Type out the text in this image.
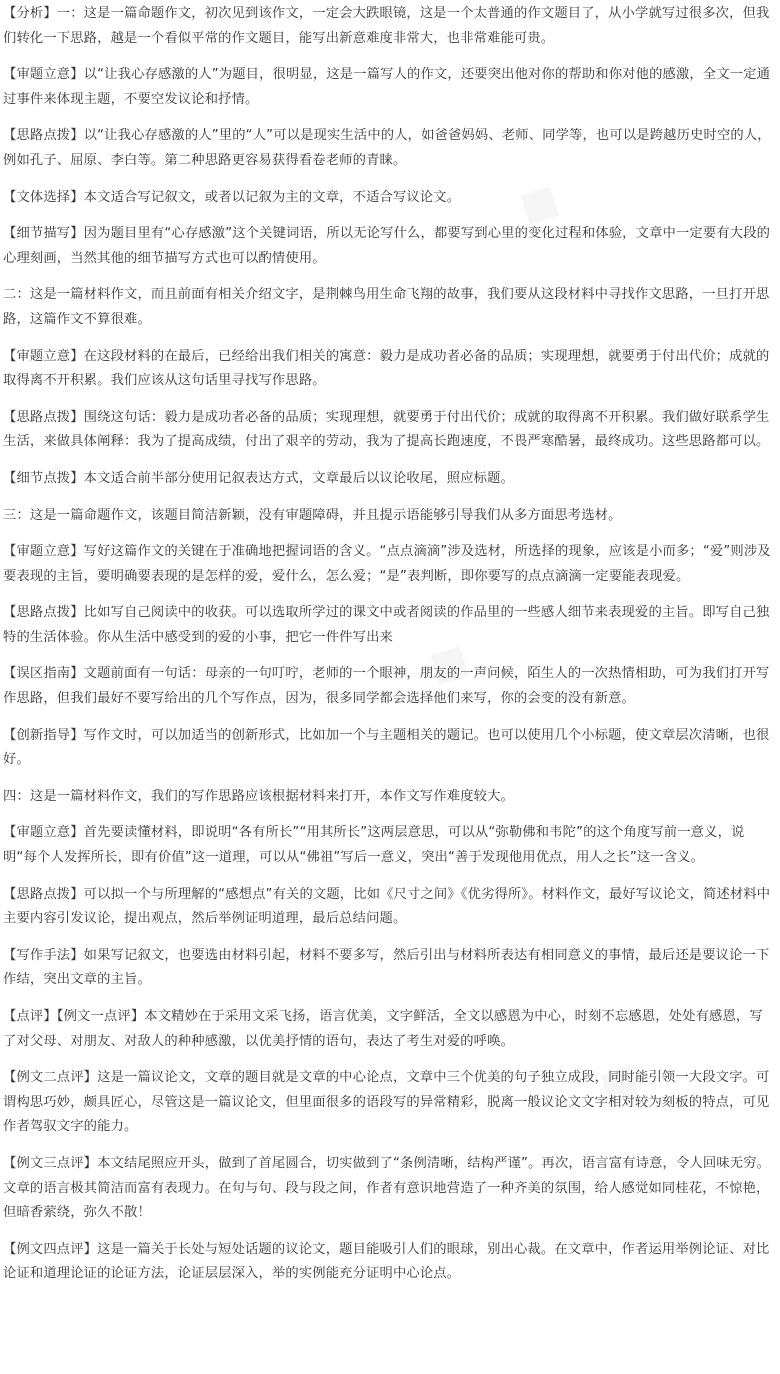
【分析】一：这是一篇命题作文，初次见到该作文，一定会大跌眼镜，这是一个太普通的作文题目了，从小学就写过很多次，但我们转化一下思路，越是一个看似平常的作文题目，能写出新意难度非常大，也非常难能可贵。

【审题立意】以“让我心存感激的人”为题目，很明显，这是一篇写人的作文，还要突出他对你的帮助和你对他的感激，全文一定通过事件来体现主题，不要空发议论和抒情。

【思路点拨】以“让我心存感激的人”里的“人”可以是现实生活中的人，如爸爸妈妈、老师、同学等，也可以是跨越历史时空的人，例如孔子、屈原、李白等。第二种思路更容易获得看卷老师的青睐。

【文体选择】本文适合写记叙文，或者以记叙为主的文章，不适合写议论文。

【细节描写】因为题目里有“心存感激”这个关键词语，所以无论写什么，都要写到心里的变化过程和体验，文章中一定要有大段的心理刻画，当然其他的细节描写方式也可以酌情使用。

二：这是一篇材料作文，而且前面有相关介绍文字，是荆棘鸟用生命飞翔的故事，我们要从这段材料中寻找作文思路，一旦打开思路，这篇作文不算很难。

【审题立意】在这段材料的在最后，已经给出我们相关的寓意：毅力是成功者必备的品质；实现理想，就要勇于付出代价；成就的取得离不开积累。我们应该从这句话里寻找写作思路。

【思路点拨】围绕这句话：毅力是成功者必备的品质；实现理想，就要勇于付出代价；成就的取得离不开积累。我们做好联系学生生活，来做具体阐释：我为了提高成绩，付出了艰辛的劳动，我为了提高长跑速度，不畏严寒酷暑，最终成功。这些思路都可以。

【细节点拨】本文适合前半部分使用记叙表达方式，文章最后以议论收尾，照应标题。

三：这是一篇命题作文，该题目简洁新颖，没有审题障碍，并且提示语能够引导我们从多方面思考选材。

【审题立意】写好这篇作文的关键在于准确地把握词语的含义。“点点滴滴”涉及选材，所选择的现象，应该是小而多；“爱”则涉及要表现的主旨，要明确要表现的是怎样的爱，爱什么，怎么爱；“是”表判断，即你要写的点点滴滴一定要能表现爱。

【思路点拨】比如写自己阅读中的收获。可以选取所学过的课文中或者阅读的作品里的一些感人细节来表现爱的主旨。即写自己独特的生活体验。你从生活中感受到的爱的小事，把它一件件写出来

【误区指南】文题前面有一句话：母亲的一句叮咛，老师的一个眼神，朋友的一声问候，陌生人的一次热情相助，可为我们打开写作思路，但我们最好不要写给出的几个写作点，因为，很多同学都会选择他们来写，你的会变的没有新意。

【创新指导】写作文时，可以加适当的创新形式，比如加一个与主题相关的题记。也可以使用几个小标题，使文章层次清晰，也很好。

四：这是一篇材料作文，我们的写作思路应该根据材料来打开，本作文写作难度较大。

【审题立意】首先要读懂材料，即说明“各有所长”“用其所长”这两层意思，可以从“弥勒佛和韦陀”的这个角度写前一意义，说明“每个人发挥所长，即有价值”这一道理，可以从“佛祖”写后一意义，突出“善于发现他用优点，用人之长”这一含义。

【思路点拨】可以拟一个与所理解的“感想点”有关的文题，比如《尺寸之间》《优劣得所》。材料作文，最好写议论文，简述材料中主要内容引发议论，提出观点，然后举例证明道理，最后总结问题。

【写作手法】如果写记叙文，也要选由材料引起，材料不要多写，然后引出与材料所表达有相同意义的事情，最后还是要议论一下作结，突出文章的主旨。

【点评】【例文一点评】本文精妙在于采用文采飞扬，语言优美，文字鲜活，全文以感恩为中心，时刻不忘感恩，处处有感恩，写了对父母、对朋友、对敌人的种种感激，以优美抒情的语句，表达了考生对爱的呼唤。

【例文二点评】这是一篇议论文，文章的题目就是文章的中心论点，文章中三个优美的句子独立成段，同时能引领一大段文字。可谓构思巧妙，颇具匠心，尽管这是一篇议论文，但里面很多的语段写的异常精彩，脱离一般议论文文字相对较为刻板的特点，可见作者驾驭文字的能力。

【例文三点评】本文结尾照应开头，做到了首尾圆合，切实做到了“条例清晰，结构严谨”。再次，语言富有诗意，令人回味无穷。文章的语言极其简洁而富有表现力。在句与句、段与段之间，作者有意识地营造了一种齐美的氛围，给人感觉如同桂花，不惊艳，但暗香萦绕，弥久不散！

【例文四点评】这是一篇关于长处与短处话题的议论文，题目能吸引人们的眼球，别出心裁。在文章中，作者运用举例论证、对比论证和道理论证的论证方法，论证层层深入，举的实例能充分证明中心论点。
